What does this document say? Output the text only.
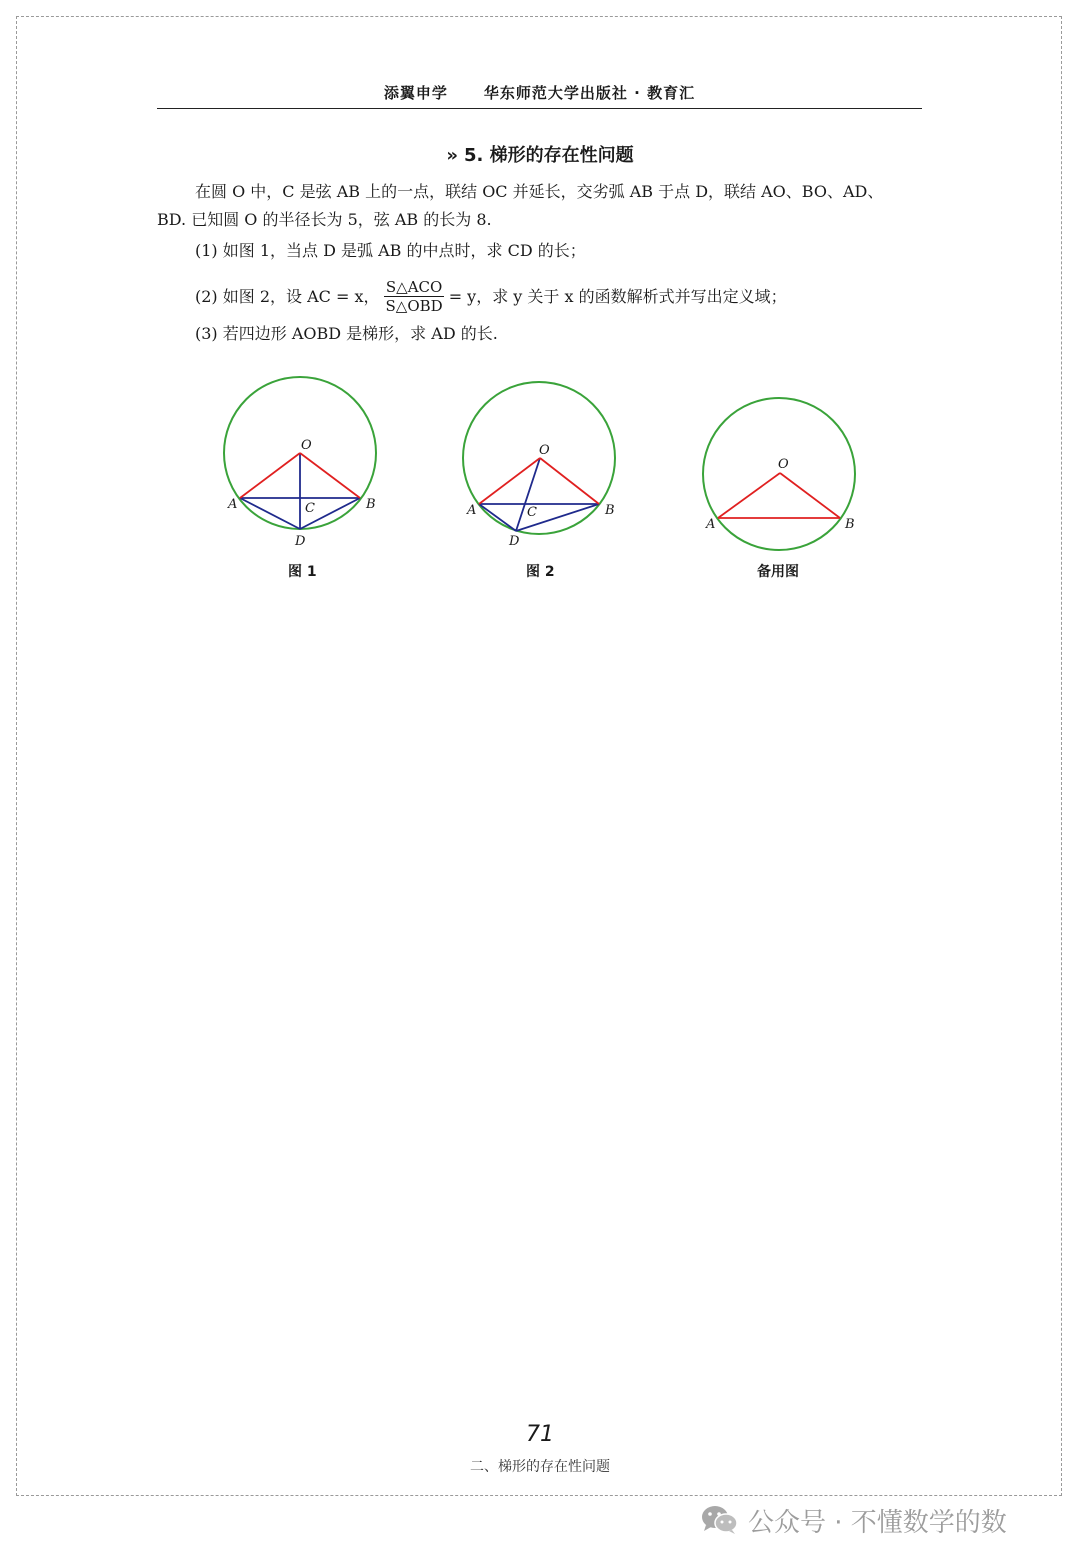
添翼申学 华东师范大学出版社 · 教育汇
» 5. 梯形的存在性问题
在圆 O 中，C 是弦 AB 上的一点，联结 OC 并延长，交劣弧 AB 于点 D，联结 AO、BO、AD、
BD. 已知圆 O 的半径长为 5，弦 AB 的长为 8.
(1) 如图 1，当点 D 是弧 AB 的中点时，求 CD 的长；
(2) 如图 2，设 AC = x， $\frac{\text{S△ACO}}{\text{S△OBD}} = y$，求 y 关于 x 的函数解析式并写出定义域；
(3) 若四边形 AOBD 是梯形，求 AD 的长.
O
A	B
C
D
图 1
O
A	B
C
D
图 2
O
A	B
备用图
71
二、梯形的存在性问题
公众号 · 不懂数学的数
